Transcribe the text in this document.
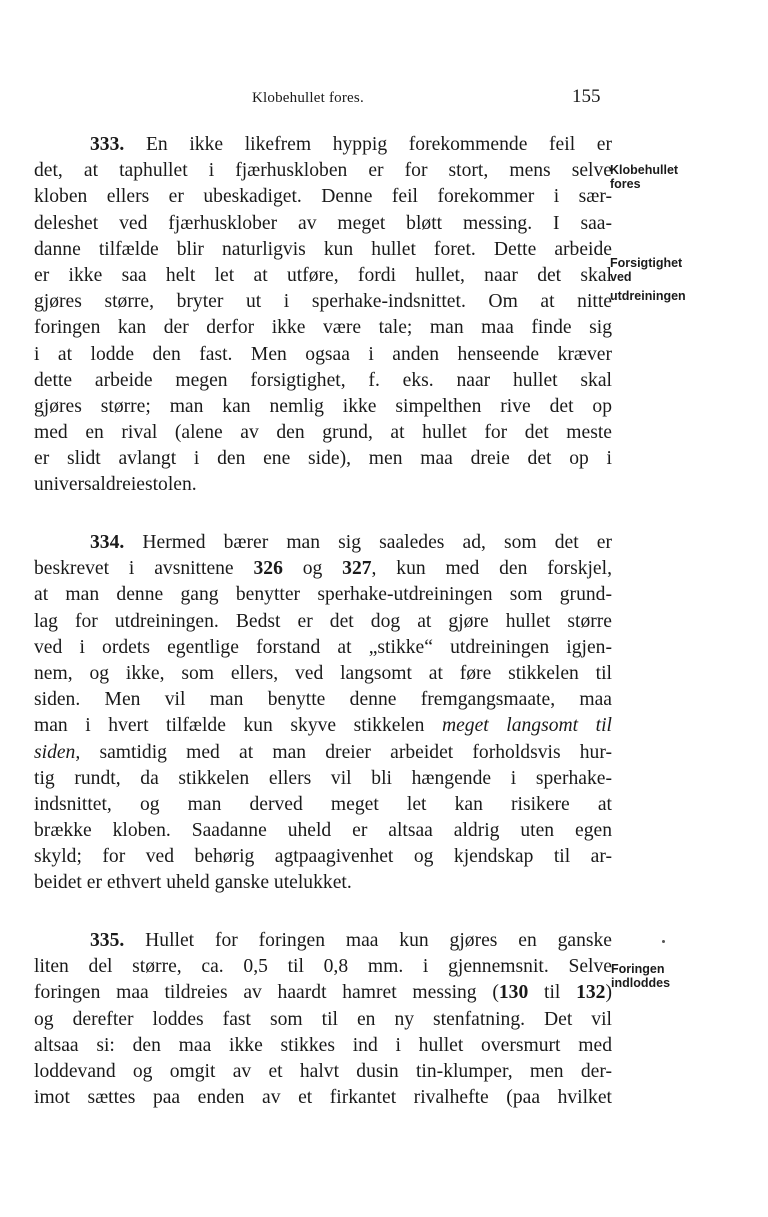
Klobehullet fores.	155
333. En ikke likefrem hyppig forekommende feil er
det, at taphullet i fjærhuskloben er for stort, mens selve
kloben ellers er ubeskadiget. Denne feil forekommer i sær-
deleshet ved fjærhusklober av meget bløtt messing. I saa-
danne tilfælde blir naturligvis kun hullet foret. Dette arbeide
er ikke saa helt let at utføre, fordi hullet, naar det skal
gjøres større, bryter ut i sperhake-indsnittet. Om at nitte
foringen kan der derfor ikke være tale; man maa finde sig
i at lodde den fast. Men ogsaa i anden henseende kræver
dette arbeide megen forsigtighet, f. eks. naar hullet skal
gjøres større; man kan nemlig ikke simpelthen rive det op
med en rival (alene av den grund, at hullet for det meste
er slidt avlangt i den ene side), men maa dreie det op i
universaldreiestolen.
334. Hermed bærer man sig saaledes ad, som det er
beskrevet i avsnittene 326 og 327, kun med den forskjel,
at man denne gang benytter sperhake-utdreiningen som grund-
lag for utdreiningen. Bedst er det dog at gjøre hullet større
ved i ordets egentlige forstand at „stikke“ utdreiningen igjen-
nem, og ikke, som ellers, ved langsomt at føre stikkelen til
siden. Men vil man benytte denne fremgangsmaate, maa
man i hvert tilfælde kun skyve stikkelen meget langsomt til
siden, samtidig med at man dreier arbeidet forholdsvis hur-
tig rundt, da stikkelen ellers vil bli hængende i sperhake-
indsnittet, og man derved meget let kan risikere at
brække kloben. Saadanne uheld er altsaa aldrig uten egen
skyld; for ved behørig agtpaagivenhet og kjendskap til ar-
beidet er ethvert uheld ganske utelukket.
335. Hullet for foringen maa kun gjøres en ganske
liten del større, ca. 0,5 til 0,8 mm. i gjennemsnit. Selve
foringen maa tildreies av haardt hamret messing (130 til 132)
og derefter loddes fast som til en ny stenfatning. Det vil
altsaa si: den maa ikke stikkes ind i hullet oversmurt med
loddevand og omgit av et halvt dusin tin-klumper, men der-
imot sættes paa enden av et firkantet rivalhefte (paa hvilket
Klobehullet
fores
Forsigtighet
ved
utdreiningen
Foringen
indloddes
